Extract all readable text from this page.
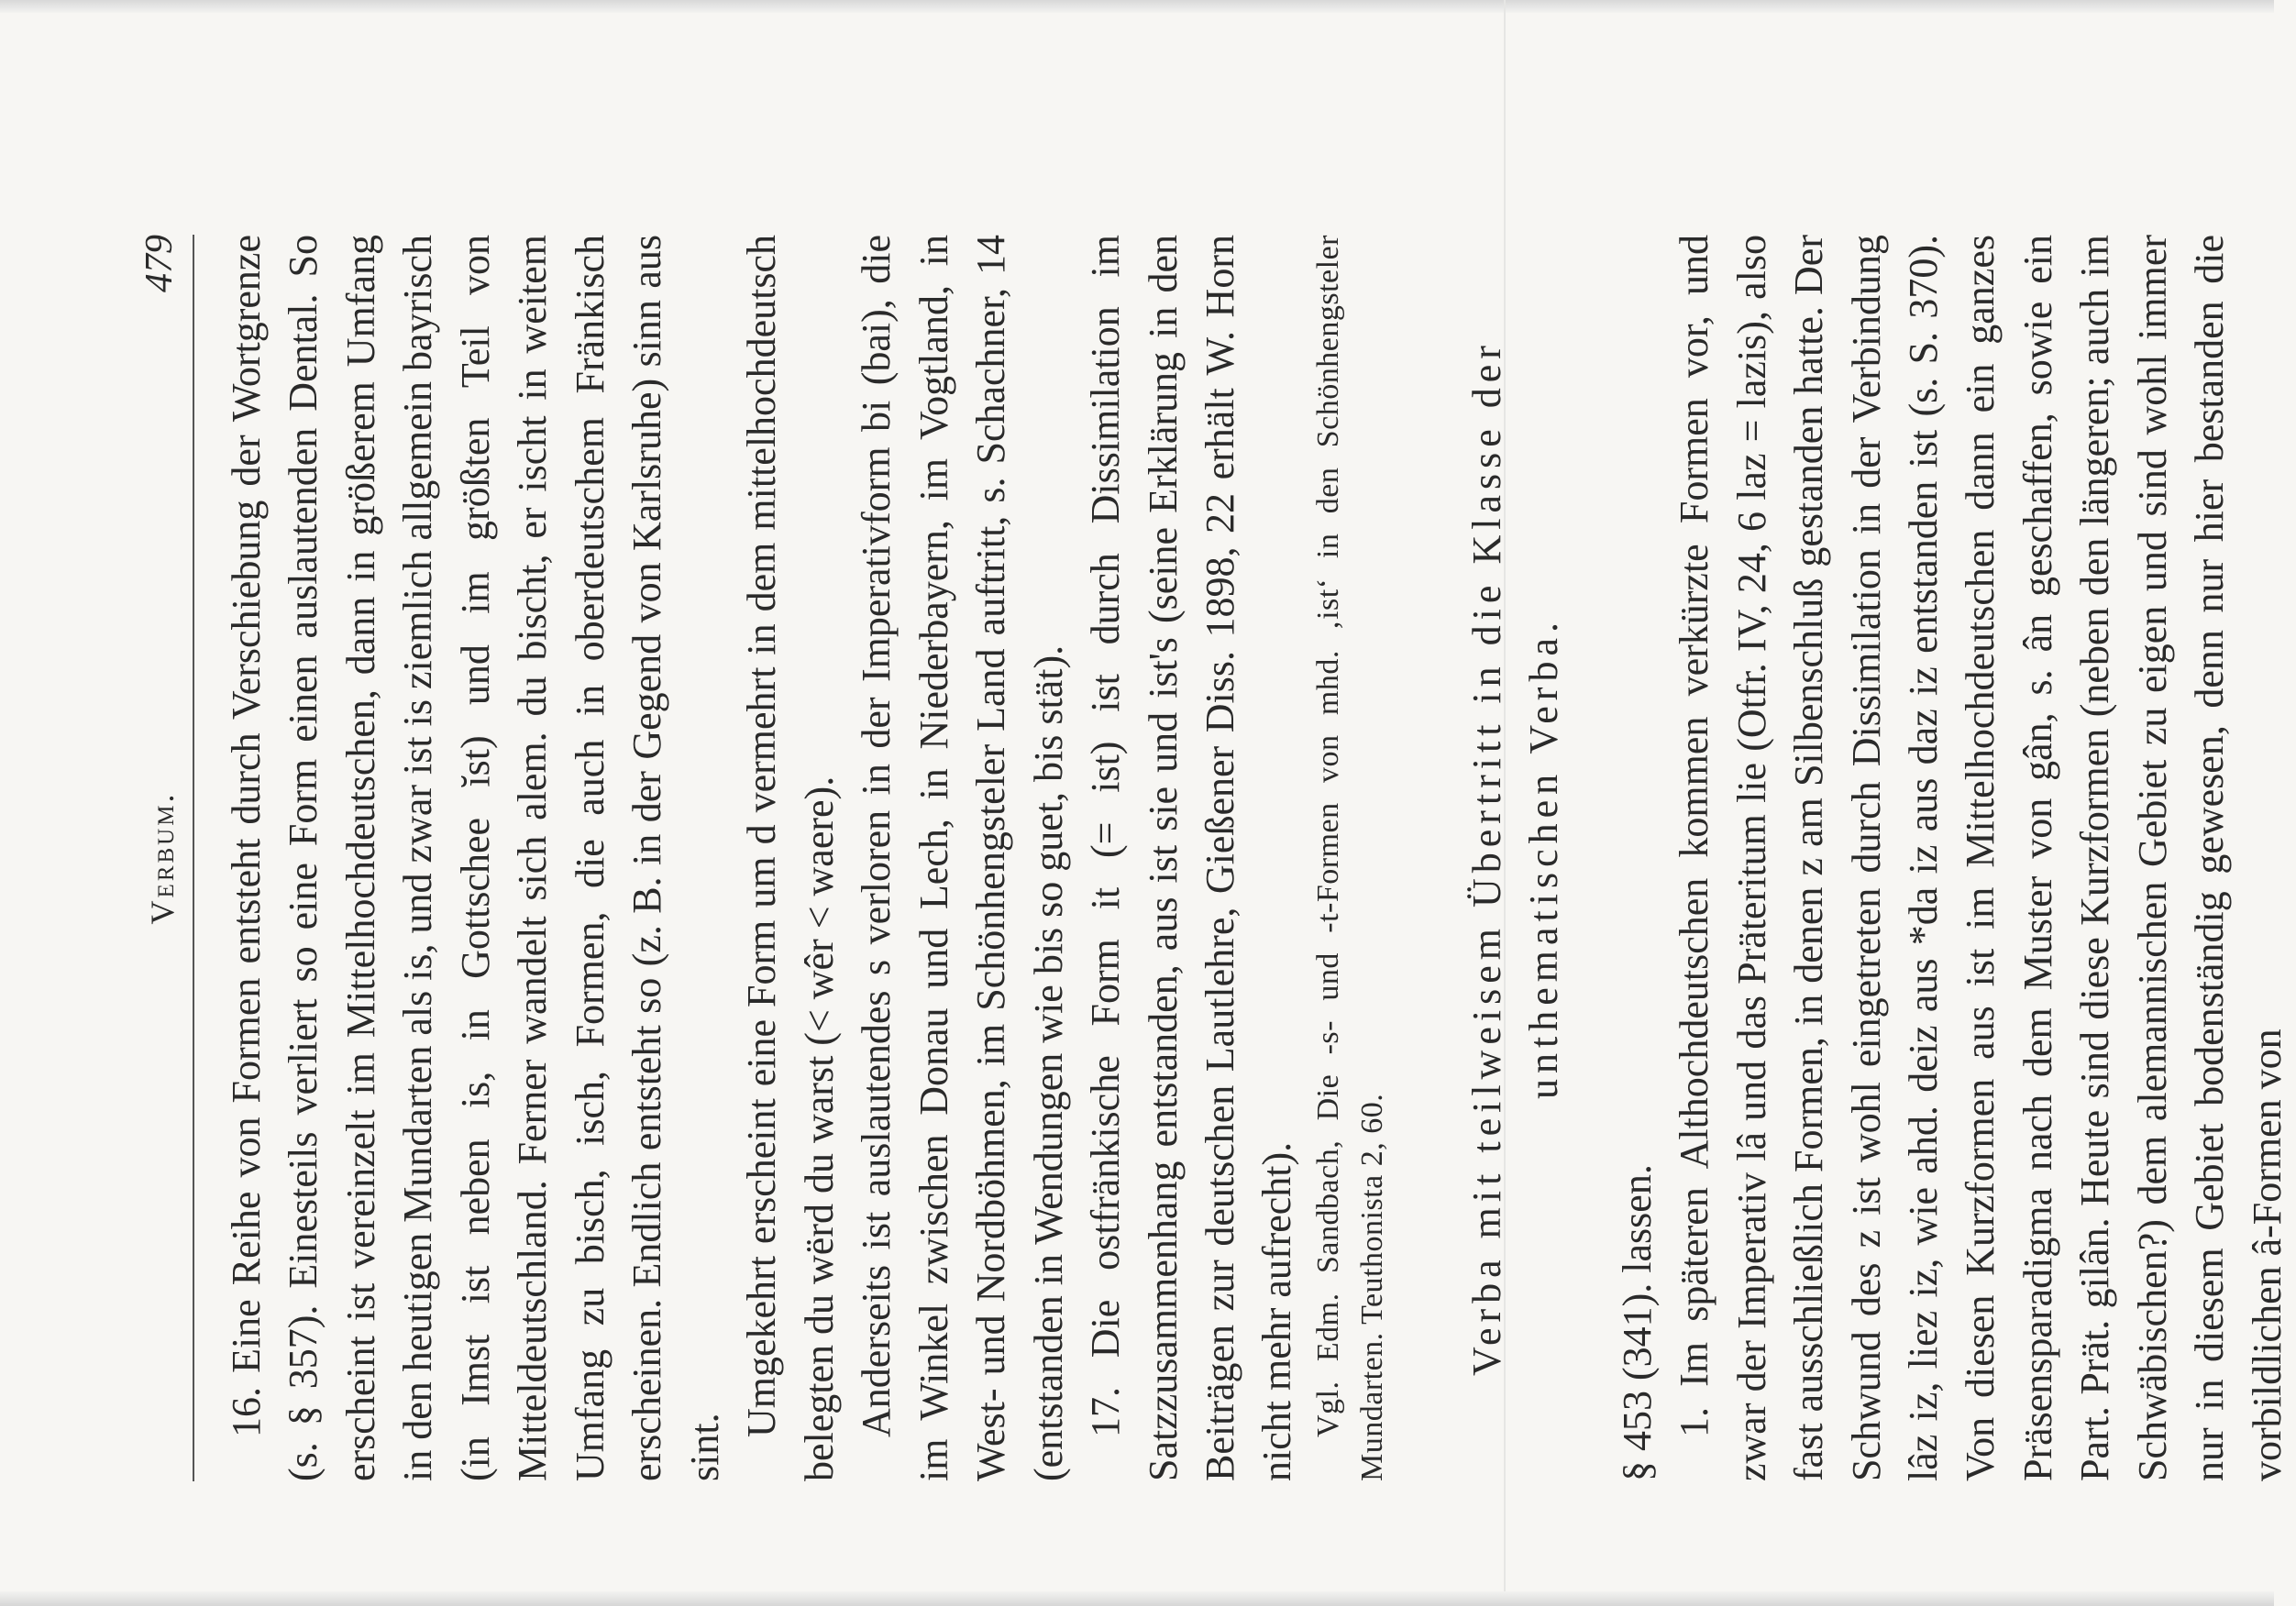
Verbum.
479 16. Eine Reihe von Formen entsteht durch Verschiebung der Wortgrenze (s. § 357). Einesteils verliert so eine Form einen auslautenden Dental. So erscheint ist vereinzelt im Mittelhochdeutschen, dann in größerem Umfang in den heutigen Mundarten als is, und zwar ist is ziemlich allgemein bayrisch (in Imst ist neben is, in Gottschee ĭst) und im größten Teil von Mitteldeutschland. Ferner wandelt sich alem. du bischt, er ischt in weitem Umfang zu bisch, isch, Formen, die auch in oberdeutschem Fränkisch erscheinen. Endlich entsteht so (z. B. in der Gegend von Karlsruhe) sinn aus sint.

Umgekehrt erscheint eine Form um d vermehrt in dem mittelhochdeutsch belegten du wërd du warst (< wêr < waere). Anderseits ist auslautendes s verloren in der Imperativform bi (bai), die im Winkel zwischen Donau und Lech, in Niederbayern, im Vogtland, in West- und Nordböhmen, im Schönhengsteler Land auftritt, s. Schachner, 14 (entstanden in Wendungen wie bis so guet, bis stät). 17. Die ostfränkische Form it (= ist) ist durch Dissimilation im Satzzusammenhang entstanden, aus ist sie und ist's (seine Erklärung in den Beiträgen zur deutschen Lautlehre, Gießener Diss. 1898, 22 erhält W. Horn nicht mehr aufrecht). Vgl. Edm. Sandbach, Die -s- und -t-Formen von mhd. ‚ist‘ in den Schönhengsteler Mundarten. Teuthonista 2, 60. Verba mit teilweisem Übertritt in die Klasse der unthematischen Verba.

§ 453 (341). lassen. 1. Im späteren Althochdeutschen kommen verkürzte Formen vor, und zwar der Imperativ lâ und das Präteritum lie (Otfr. IV, 24, 6 laz = lazis), also fast ausschließlich Formen, in denen z am Silbenschluß gestanden hatte. Der Schwund des z ist wohl eingetreten durch Dissimilation in der Verbindung lâz iz, liez iz, wie ahd. deiz aus *da iz aus daz iz entstanden ist (s. S. 370). Von diesen Kurzformen aus ist im Mittelhochdeutschen dann ein ganzes Präsensparadigma nach dem Muster von gân, s. ân geschaffen, sowie ein Part. Prät. gilân. Heute sind diese Kurzformen (neben den längeren; auch im Schwäbischen?) dem alemannischen Gebiet zu eigen und sind wohl immer nur in diesem Gebiet bodenständig gewesen, denn nur hier bestanden die vorbildlichen â-Formen von
